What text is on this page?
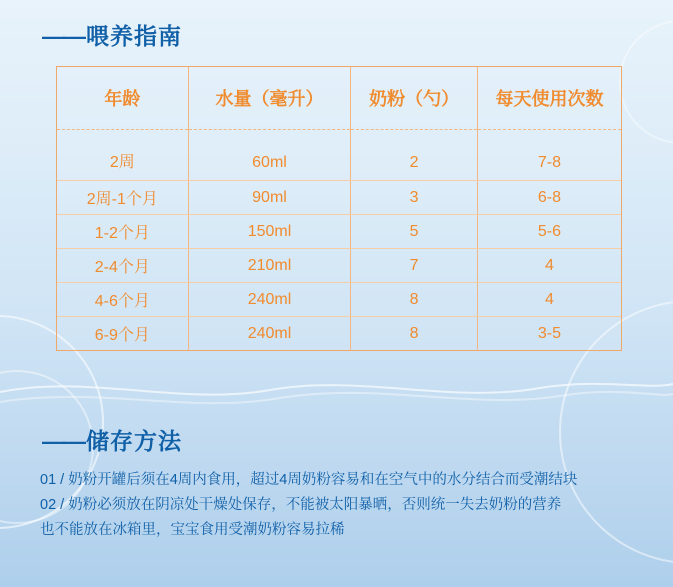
——喂养指南
年龄	水量（毫升）	奶粉（勺）	每天使用次数
2周	60ml	2	7-8
2周-1个月	90ml	3	6-8
1-2个月	150ml	5	5-6
2-4个月	210ml	7	4
4-6个月	240ml	8	4
6-9个月	240ml	8	3-5
——储存方法
01 / 奶粉开罐后须在4周内食用，超过4周奶粉容易和在空气中的水分结合而受潮结块
02 / 奶粉必须放在阴凉处干燥处保存，不能被太阳暴晒，否则统一失去奶粉的营养
也不能放在冰箱里，宝宝食用受潮奶粉容易拉稀
